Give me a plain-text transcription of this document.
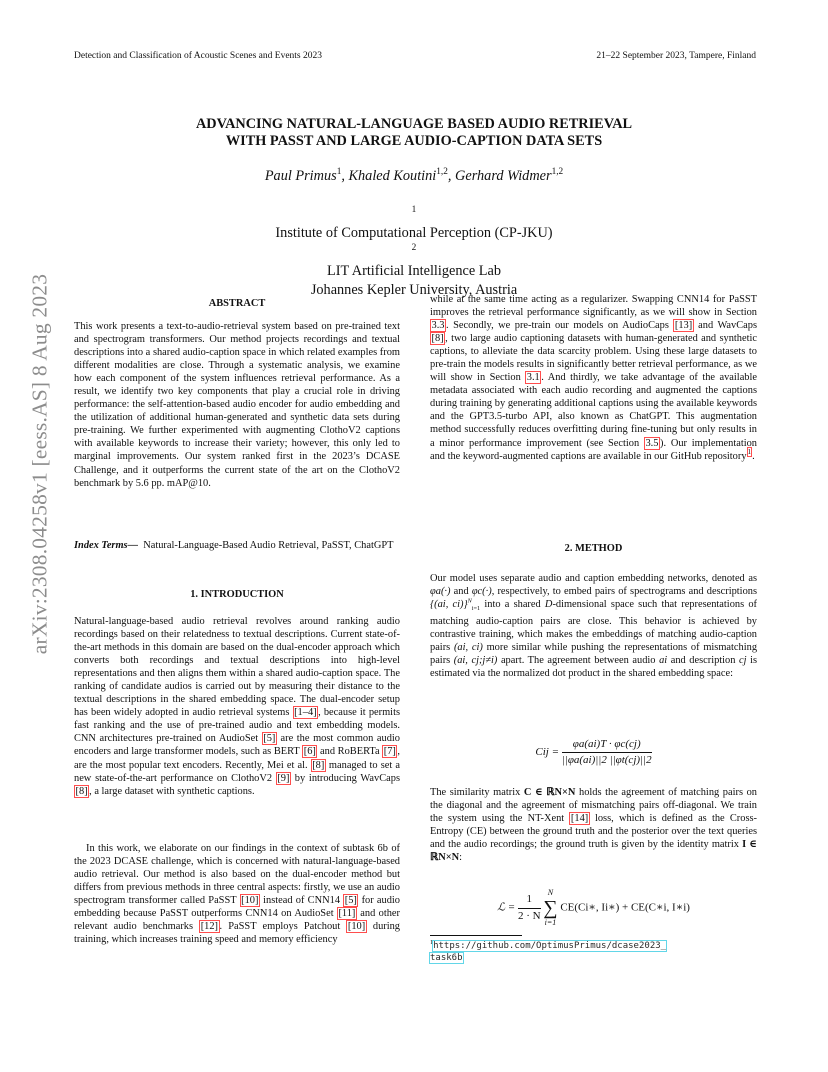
Detection and Classification of Acoustic Scenes and Events 2023	21–22 September 2023, Tampere, Finland
ADVANCING NATURAL-LANGUAGE BASED AUDIO RETRIEVAL
WITH PASST AND LARGE AUDIO-CAPTION DATA SETS
Paul Primus$^1$, Khaled Koutini$^{1,2}$, Gerhard Widmer$^{1,2}$
$^1$
Institute of Computational Perception (CP-JKU)
$^2$
LIT Artificial Intelligence Lab
Johannes Kepler University, Austria
arXiv:2308.04258v1 [eess.AS] 8 Aug 2023	ABSTRACT

This work presents a text-to-audio-retrieval system based on pre-trained text and spectrogram transformers. Our method projects recordings and textual descriptions into a shared audio-caption space in which related examples from different modalities are close. Through a systematic analysis, we examine how each component of the system influences retrieval performance. As a result, we identify two key components that play a crucial role in driving performance: the self-attention-based audio encoder for audio embedding and the utilization of additional human-generated and synthetic data sets during pre-training. We further experimented with augmenting ClothoV2 captions with available keywords to increase their variety; however, this only led to marginal improvements. Our system ranked first in the 2023’s DCASE Challenge, and it outperforms the current state of the art on the ClothoV2 benchmark by 5.6 pp. mAP@10.

Index Terms— Natural-Language-Based Audio Retrieval, PaSST, ChatGPT

1. INTRODUCTION

Natural-language-based audio retrieval revolves around ranking audio recordings based on their relatedness to textual descriptions. Current state-of-the-art methods in this domain are based on the dual-encoder approach which converts both recordings and textual descriptions into high-level representations and then aligns them within a shared audio-caption space. The ranking of candidate audios is carried out by measuring their distance to the textual descriptions in the shared embedding space. The dual-encoder setup has been widely adopted in audio retrieval systems [1–4] , because it permits fast ranking and the use of pre-trained audio and text embedding models. CNN architectures pre-trained on AudioSet [5] are the most common audio encoders and large transformer models, such as BERT [6] and RoBERTa [7] , are the most popular text encoders. Recently, Mei et al. [8] managed to set a new state-of-the-art performance on ClothoV2 [9] by introducing WavCaps [8] , a large dataset with synthetic captions.

In this work, we elaborate on our findings in the context of subtask 6b of the 2023 DCASE challenge, which is concerned with natural-language-based audio retrieval. Our method is also based on the dual-encoder method but differs from previous methods in three central aspects: firstly, we use an audio spectrogram transformer called PaSST [10] instead of CNN14 [5] for audio embedding because PaSST outperforms CNN14 on AudioSet [11] and other relevant audio benchmarks [12] . PaSST employs Patchout [10] during training, which increases training speed and memory efficiency

while at the same time acting as a regularizer. Swapping CNN14 for PaSST improves the retrieval performance significantly, as we will show in Section 3.3 . Secondly, we pre-train our models on AudioCaps [13] and WavCaps [8] , two large audio captioning datasets with human-generated and synthetic captions, to alleviate the data scarcity problem. Using these large datasets to pre-train the models results in significantly better retrieval performance, as we will show in Section 3.1 . And thirdly, we take advantage of the available metadata associated with each audio recording and augmented the captions during training by generating additional captions using the available keywords and the GPT3.5-turbo API, also known as ChatGPT. This augmentation method successfully reduces overfitting during fine-tuning but only results in a minor performance improvement (see Section 3.5 ). Our implementation and the keyword-augmented captions are available in our GitHub repository$^1$.

2. METHOD

Our model uses separate audio and caption embedding networks, denoted as φa(·) and φc(·), respectively, to embed pairs of spectrograms and descriptions {(ai, ci)}$^N_{i=1}$ into a shared D-dimensional space such that representations of matching audio-caption pairs are close. This behavior is achieved by contrastive training, which makes the embeddings of matching audio-caption pairs (ai, ci) more similar while pushing the representations of mismatching pairs (ai, cj;j≠i) apart. The agreement between audio ai and description cj is estimated via the normalized dot product in the shared embedding space:

Cij = $\frac{\varphi a(ai)T \cdot \varphi c(cj)}{||\varphi a(ai)||2 ||\varphi t(cj)||2}$

The similarity matrix C ∈ ℝN×N holds the agreement of matching pairs on the diagonal and the agreement of mismatching pairs off-diagonal. We train the system using the NT-Xent [14] loss, which is defined as the Cross-Entropy (CE) between the ground truth and the posterior over the text queries and the audio recordings; the ground truth is given by the identity matrix I ∈ ℝN×N:

ℒ = $\frac{1}{2 \cdot N}$

N
∑
i=1
CE(Ci∗, Ii∗) + CE(C∗i, I∗i)
$^1$https://github.com/OptimusPrimus/dcase2023_
task6b
